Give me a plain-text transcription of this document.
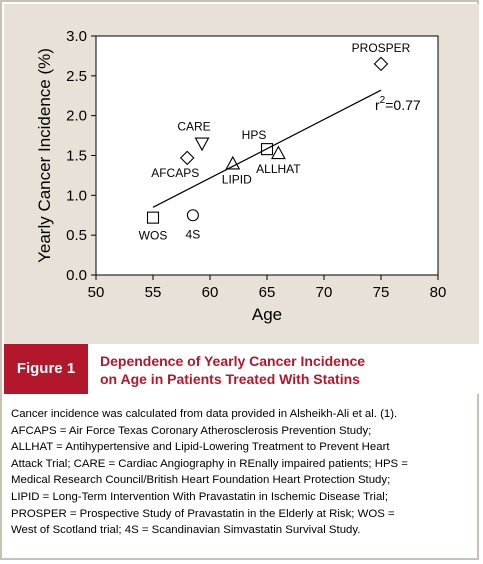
50	55	60	65	70	75	80
0.0
0.5
1.0
1.5
2.0
2.5
3.0
Age
Yearly Cancer Incidence (%)
PROSPER
CARE
AFCAPS
HPS
ALLHAT
LIPID
WOS 4S
$r^2=0.77$
Figure 1	Dependence of Yearly Cancer Incidence
on Age in Patients Treated With Statins
Cancer incidence was calculated from data provided in Alsheikh-Ali et al. (1).
AFCAPS = Air Force Texas Coronary Atherosclerosis Prevention Study;
ALLHAT = Antihypertensive and Lipid-Lowering Treatment to Prevent Heart
Attack Trial; CARE = Cardiac Angiography in REnally impaired patients; HPS =
Medical Research Council/British Heart Foundation Heart Protection Study;
LIPID = Long-Term Intervention With Pravastatin in Ischemic Disease Trial;
PROSPER = Prospective Study of Pravastatin in the Elderly at Risk; WOS =
West of Scotland trial; 4S = Scandinavian Simvastatin Survival Study.
